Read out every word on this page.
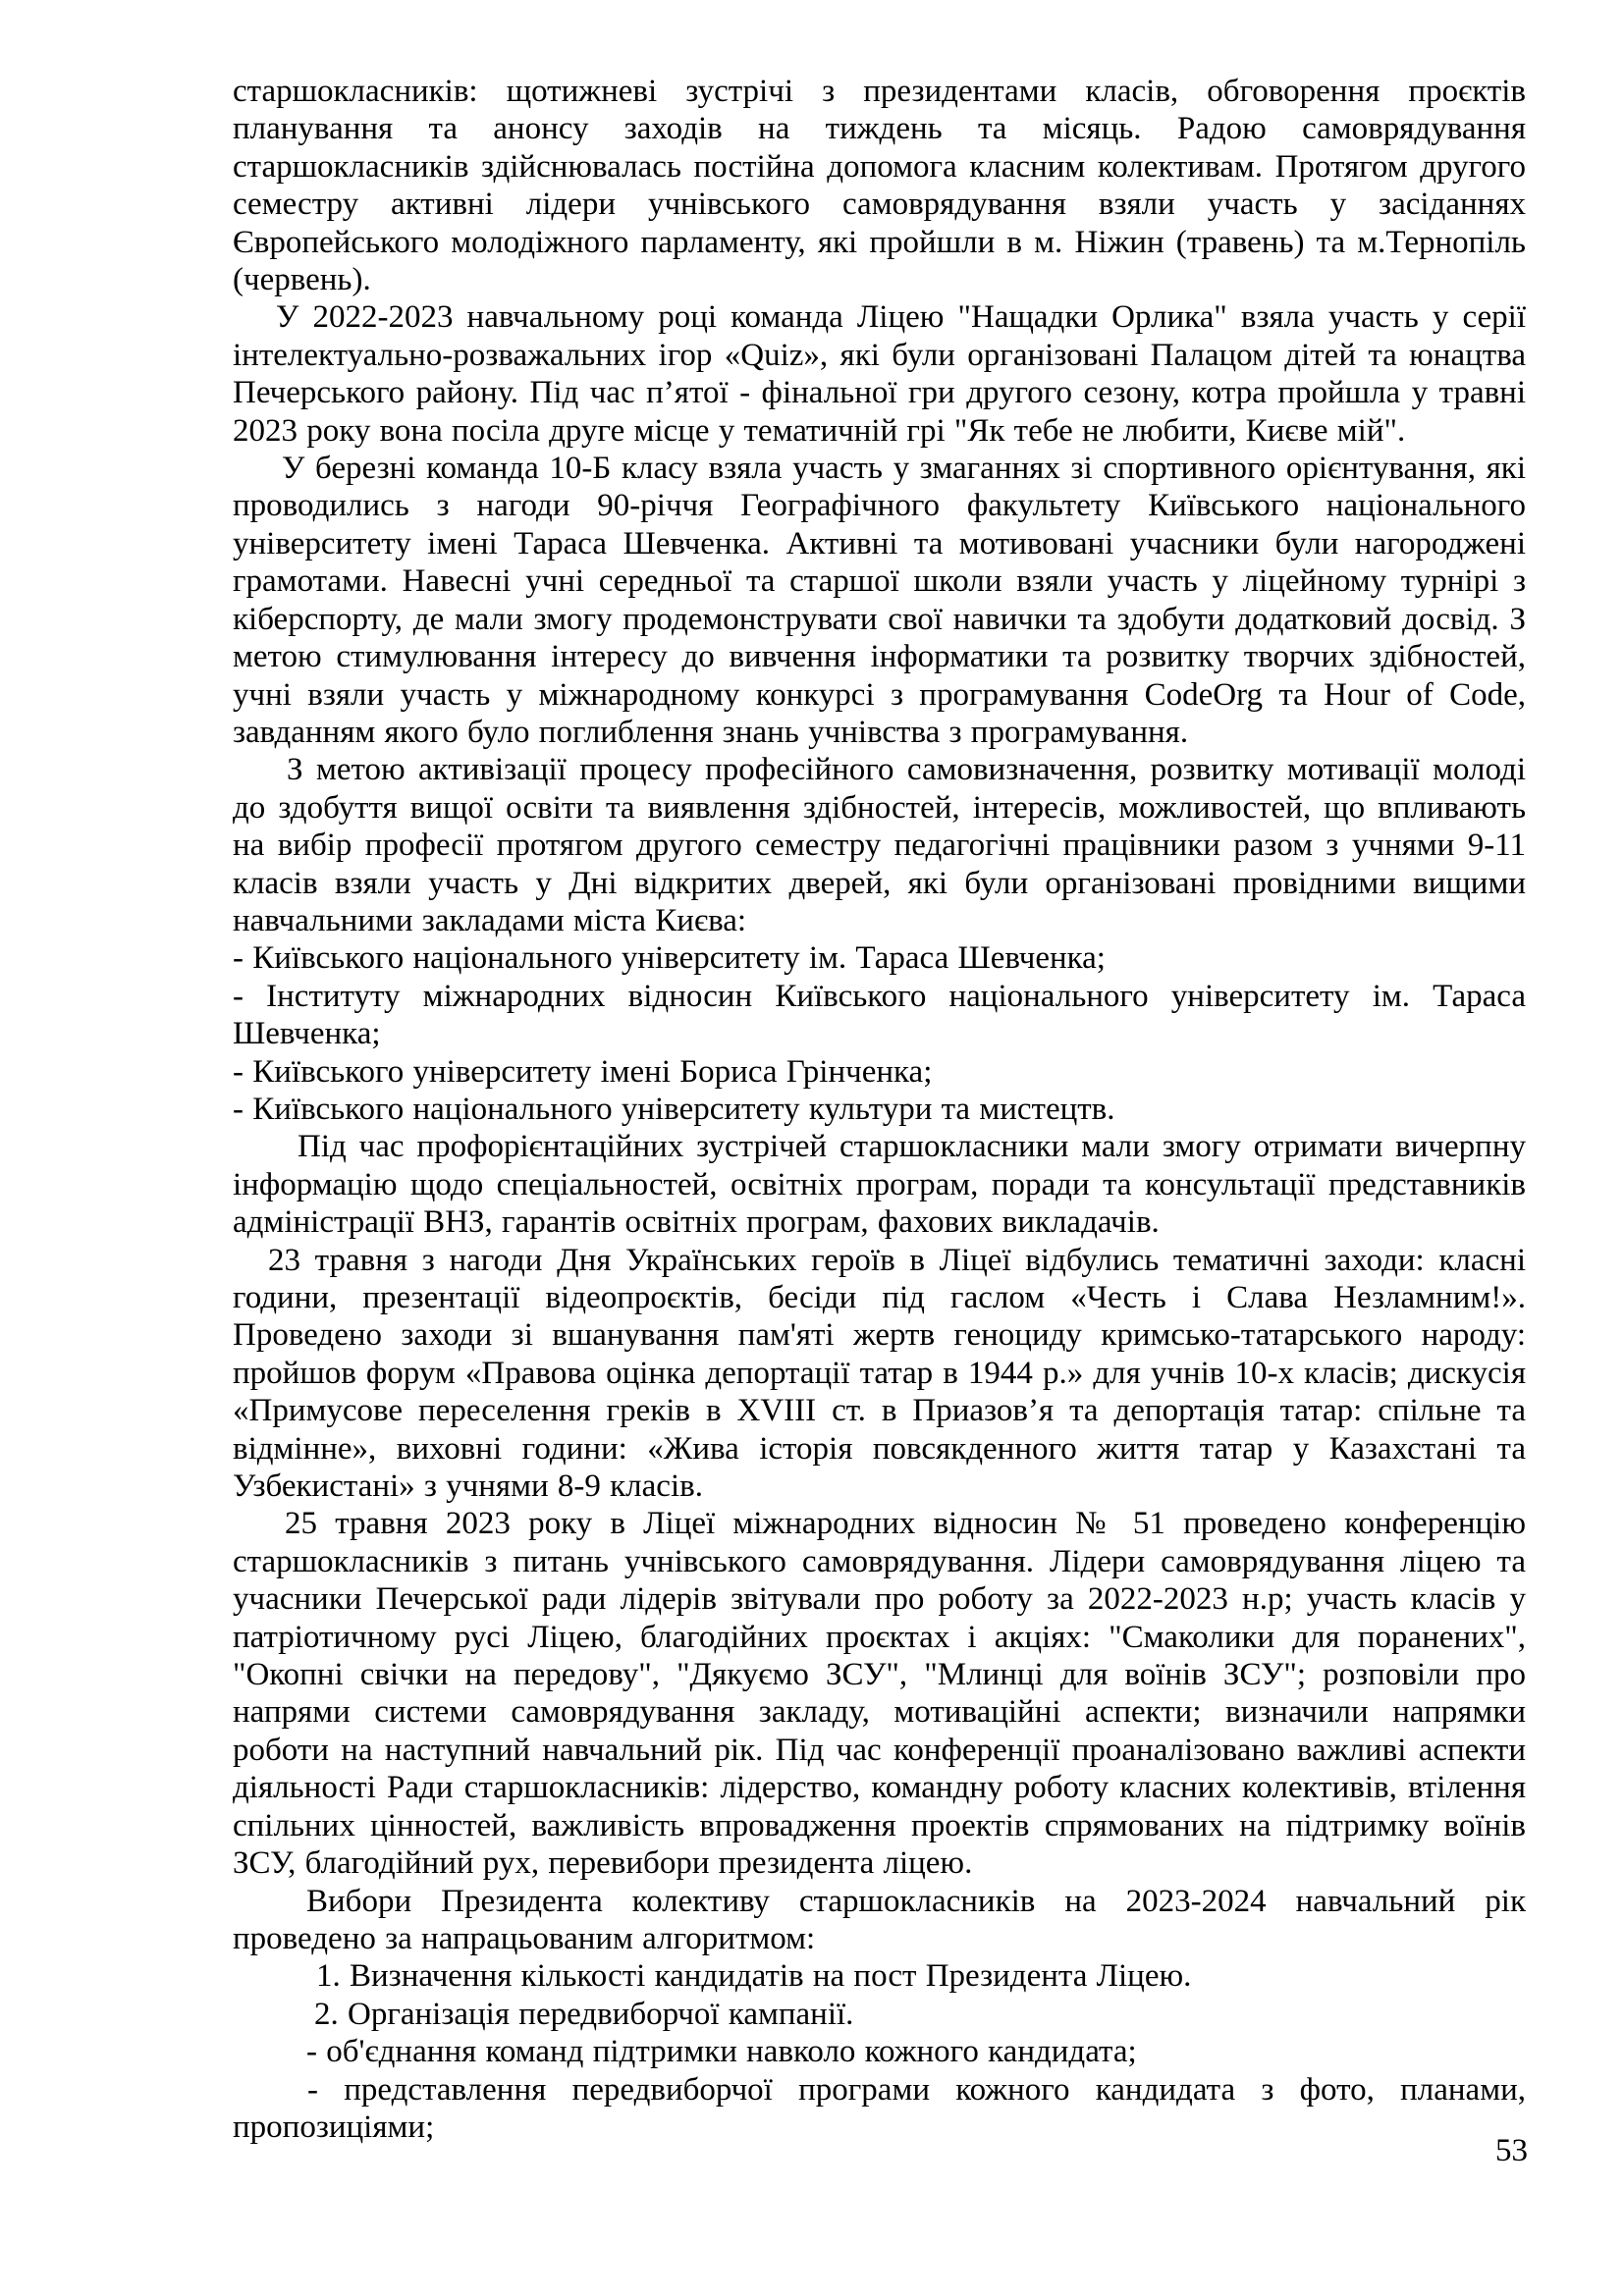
старшокласників: щотижневі зустрічі з президентами класів, обговорення проєктів планування та анонсу заходів на тиждень та місяць. Радою самоврядування старшокласників здійснювалась постійна допомога класним колективам. Протягом другого семестру активні лідери учнівського самоврядування взяли участь у засіданнях Європейського молодіжного парламенту, які пройшли в м. Ніжин (травень) та м.Тернопіль (червень).

У 2022-2023 навчальному році команда Ліцею "Нащадки Орлика" взяла участь у серії інтелектуально-розважальних ігор «Quiz», які були організовані Палацом дітей та юнацтва Печерського району. Під час п’ятої - фінальної гри другого сезону, котра пройшла у травні 2023 року вона посіла друге місце у тематичній грі "Як тебе не любити, Києве мій".

У березні команда 10-Б класу взяла участь у змаганнях зі спортивного орієнтування, які проводились з нагоди 90-річчя Географічного факультету Київського національного університету імені Тараса Шевченка. Активні та мотивовані учасники були нагороджені грамотами. Навесні учні середньої та старшої школи взяли участь у ліцейному турнірі з кіберспорту, де мали змогу продемонструвати свої навички та здобути додатковий досвід. З метою стимулювання інтересу до вивчення інформатики та розвитку творчих здібностей, учні взяли участь у міжнародному конкурсі з програмування CodeOrg та Hour of Code, завданням якого було поглиблення знань учнівства з програмування.

З метою активізації процесу професійного самовизначення, розвитку мотивації молоді до здобуття вищої освіти та виявлення здібностей, інтересів, можливостей, що впливають на вибір професії протягом другого семестру педагогічні працівники разом з учнями 9-11 класів взяли участь у Дні відкритих дверей, які були організовані провідними вищими навчальними закладами міста Києва:

- Київського національного університету ім. Тараса Шевченка;

- Інституту міжнародних відносин Київського національного університету ім. Тараса Шевченка;

- Київського університету імені Бориса Грінченка;

- Київського національного університету культури та мистецтв.

Під час профорієнтаційних зустрічей старшокласники мали змогу отримати вичерпну інформацію щодо спеціальностей, освітніх програм, поради та консультації представників адміністрації ВНЗ, гарантів освітніх програм, фахових викладачів.

23 травня з нагоди Дня Українських героїв в Ліцеї відбулись тематичні заходи: класні години, презентації відеопроєктів, бесіди під гаслом «Честь і Слава Незламним!». Проведено заходи зі вшанування пам'яті жертв геноциду кримсько-татарського народу: пройшов форум «Правова оцінка депортації татар в 1944 р.» для учнів 10-х класів; дискусія «Примусове переселення греків в XVIII ст. в Приазов’я та депортація татар: спільне та відмінне», виховні години: «Жива історія повсякденного життя татар у Казахстані та Узбекистані» з учнями 8-9 класів.

25 травня 2023 року в Ліцеї міжнародних відносин № 51 проведено конференцію старшокласників з питань учнівського самоврядування. Лідери самоврядування ліцею та учасники Печерської ради лідерів звітували про роботу за 2022-2023 н.р; участь класів у патріотичному русі Ліцею, благодійних проєктах і акціях: "Смаколики для поранених", "Окопні свічки на передову", "Дякуємо ЗСУ", "Млинці для воїнів ЗСУ"; розповіли про напрями системи самоврядування закладу, мотиваційні аспекти; визначили напрямки роботи на наступний навчальний рік. Під час конференції проаналізовано важливі аспекти діяльності Ради старшокласників: лідерство, командну роботу класних колективів, втілення спільних цінностей, важливість впровадження проектів спрямованих на підтримку воїнів ЗСУ, благодійний рух, перевибори президента ліцею.

Вибори Президента колективу старшокласників на 2023-2024 навчальний рік проведено за напрацьованим алгоритмом:

1. Визначення кількості кандидатів на пост Президента Ліцею.

2. Організація передвиборчої кампанії.

- об'єднання команд підтримки навколо кожного кандидата;

- представлення передвиборчої програми кожного кандидата з фото, планами, пропозиціями;

53
